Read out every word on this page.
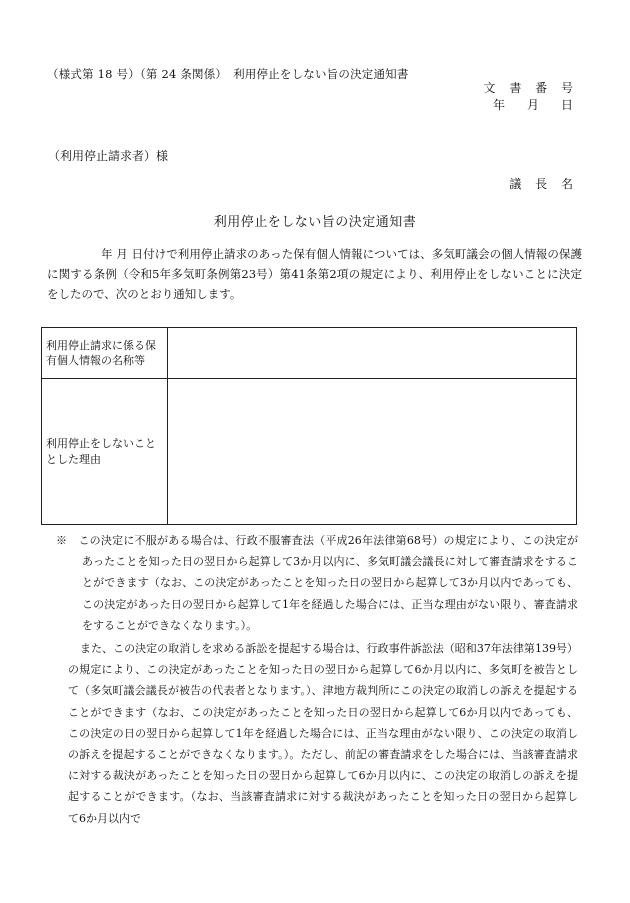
（様式第 18 号）（第 24 条関係）　利用停止をしない旨の決定通知書
文 書 番 号
年　月　日
（利用停止請求者）様
議 長 名
利用停止をしない旨の決定通知書
年 月 日付けで利用停止請求のあった保有個人情報については、多気町議会の個人情報の保護に関する条例（令和5年多気町条例第23号）第41条第2項の規定により、利用停止をしないことに決定をしたので、次のとおり通知します。
利用停止請求に係る保有個人情報の名称等	
利用停止をしないこととした理由	

※　この決定に不服がある場合は、行政不服審査法（平成26年法律第68号）の規定により、この決定があったことを知った日の翌日から起算して3か月以内に、多気町議会議長に対して審査請求をすることができます（なお、この決定があったことを知った日の翌日から起算して3か月以内であっても、この決定があった日の翌日から起算して1年を経過した場合には、正当な理由がない限り、審査請求をすることができなくなります。）。

また、この決定の取消しを求める訴訟を提起する場合は、行政事件訴訟法（昭和37年法律第139号）の規定により、この決定があったことを知った日の翌日から起算して6か月以内に、多気町を被告として（多気町議会議長が被告の代表者となります。）、津地方裁判所にこの決定の取消しの訴えを提起することができます（なお、この決定があったことを知った日の翌日から起算して6か月以内であっても、この決定の日の翌日から起算して1年を経過した場合には、正当な理由がない限り、この決定の取消しの訴えを提起することができなくなります。）。ただし、前記の審査請求をした場合には、当該審査請求に対する裁決があったことを知った日の翌日から起算して6か月以内に、この決定の取消しの訴えを提起することができます。（なお、当該審査請求に対する裁決があったことを知った日の翌日から起算して6か月以内で
